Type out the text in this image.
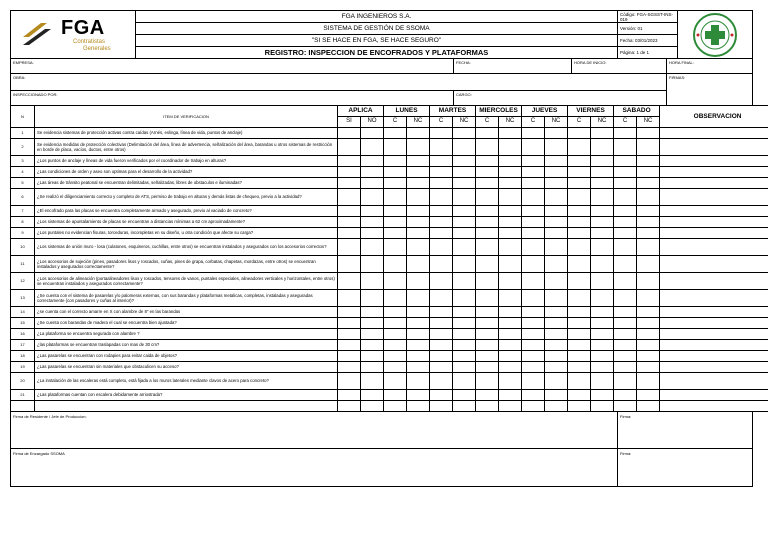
FGA
Contratistas
Generales	FGA INGENIEROS S.A.	Código: FGA-SGSST-INS-019	

	SISTEMA DE GESTIÓN DE SSOMA	Versión: 01	
	"SI SE HACE EN FGA, SE HACE SEGURO"	Fecha: 03/01/2023	
	REGISTRO: INSPECCION DE ENCOFRADOS Y PLATAFORMAS	Página: 1 de 1	
EMPRESA:	FECHA:	HORA DE INICIO:	HORA FINAL:
OBRA:			FIRMAS:
INSPECCIONADO POR:	CARGO:		
N	ITEM DE VERIFICACION	APLICA		LUNES		MARTES		MIERCOLES		JUEVES		VIERNES		SABADO		OBSERVACION
		SI	NO	C	NC	C	NC	C	NC	C	NC	C	NC	C	NC	
1	Se evidencia sistemas de protección activas contra caídas (Arnés, eslinga, línea de vida, puntos de anclaje)															
2	Se evidencia medidas de protección colectivas (Delimitación del área, línea de advertencia, señalización del área, barandas u otros sistemas de restricción en borde de placa, vacíos, ductos, entre otros)															
3	¿Los puntos de anclaje y líneas de vida fueron verificados por el coordinador de trabajo en alturas?															
4	¿Las condiciones de orden y aseo son optimas para el desarrollo de la actividad?															
5	¿Las áreas de tránsito peatonal se encuentran delimitadas, señalizadas, libres de obstaculos e iluminadas?															
6	¿Se realizó el diligenciamiento correcto y completo de ATS, permiso de trabajo en alturas y demás listas de chequeo, previo a la actividad?															
7	¿El encofrado para las placas se encuentra completamente armado y asegurado, previo al vaciado de concreto?															
8	¿Los sistemas de apuntalamiento de placas se encuentran a distancias mínimas a 62 cm aproximadamente?															
9	¿Los puntales no evidencian fisuras, torceduras, incompletas en su diseño, u otra condición que afecte su carga?															
10	¿Los sistemas de unión muro - losa (culatones, esquineros, cuchillas, entre otros) se encuentran instalados y asegurados con los accesorios correctos?															
11	¿Los accesorios de sujeción (pines, pasadores lisos y roscados, cuñas, pines de grapa, corbatas, chapetas, mordazas, entre otros) se encuentran instalados y asegurados correctamente?															
12	¿Los accesorios de alineación (portaalineadores lisos y roscados, tensores de vanos, puntales especiales, alineadores verticales y horizontales, entre otros) se encuentran instalados y asegurados correctamente?															
13	¿Se cuenta con el sistema de pasarelas y/o palomeras externas, con sus barandas y plataformas metalicas, completas, instaladas y aseguradas correctamente (con pasadores y cuñas al interior)?															
14	¿se cuenta con el correcto amarre en X con alambre de 8" en las barandas															
15	¿Se cuenta con barandas de madera el cual se encuentra bien ajustada?															
16	¿La plataforma se encuentra segurada con alambre ?															
17	¿las plataformas se encuentran traslapadas con mas de 30 cm?															
18	¿Las pasarelas se encuentran con rodapies para evitar caida de objetos?															
19	¿Las pasarelas se encuentran sin materiales que obstaculicen su acceso?															
20	¿La instalación de las escaleras está completo, está fijada a los muros laterales mediante clavos de acero para concreto?															
21	¿Las plataformas cuentan con escalera debidamente arriostrada?															

Firma de Residente / Jefe de Produccion:	Firma:
Firma de Encargado SSOMA	Firma:
